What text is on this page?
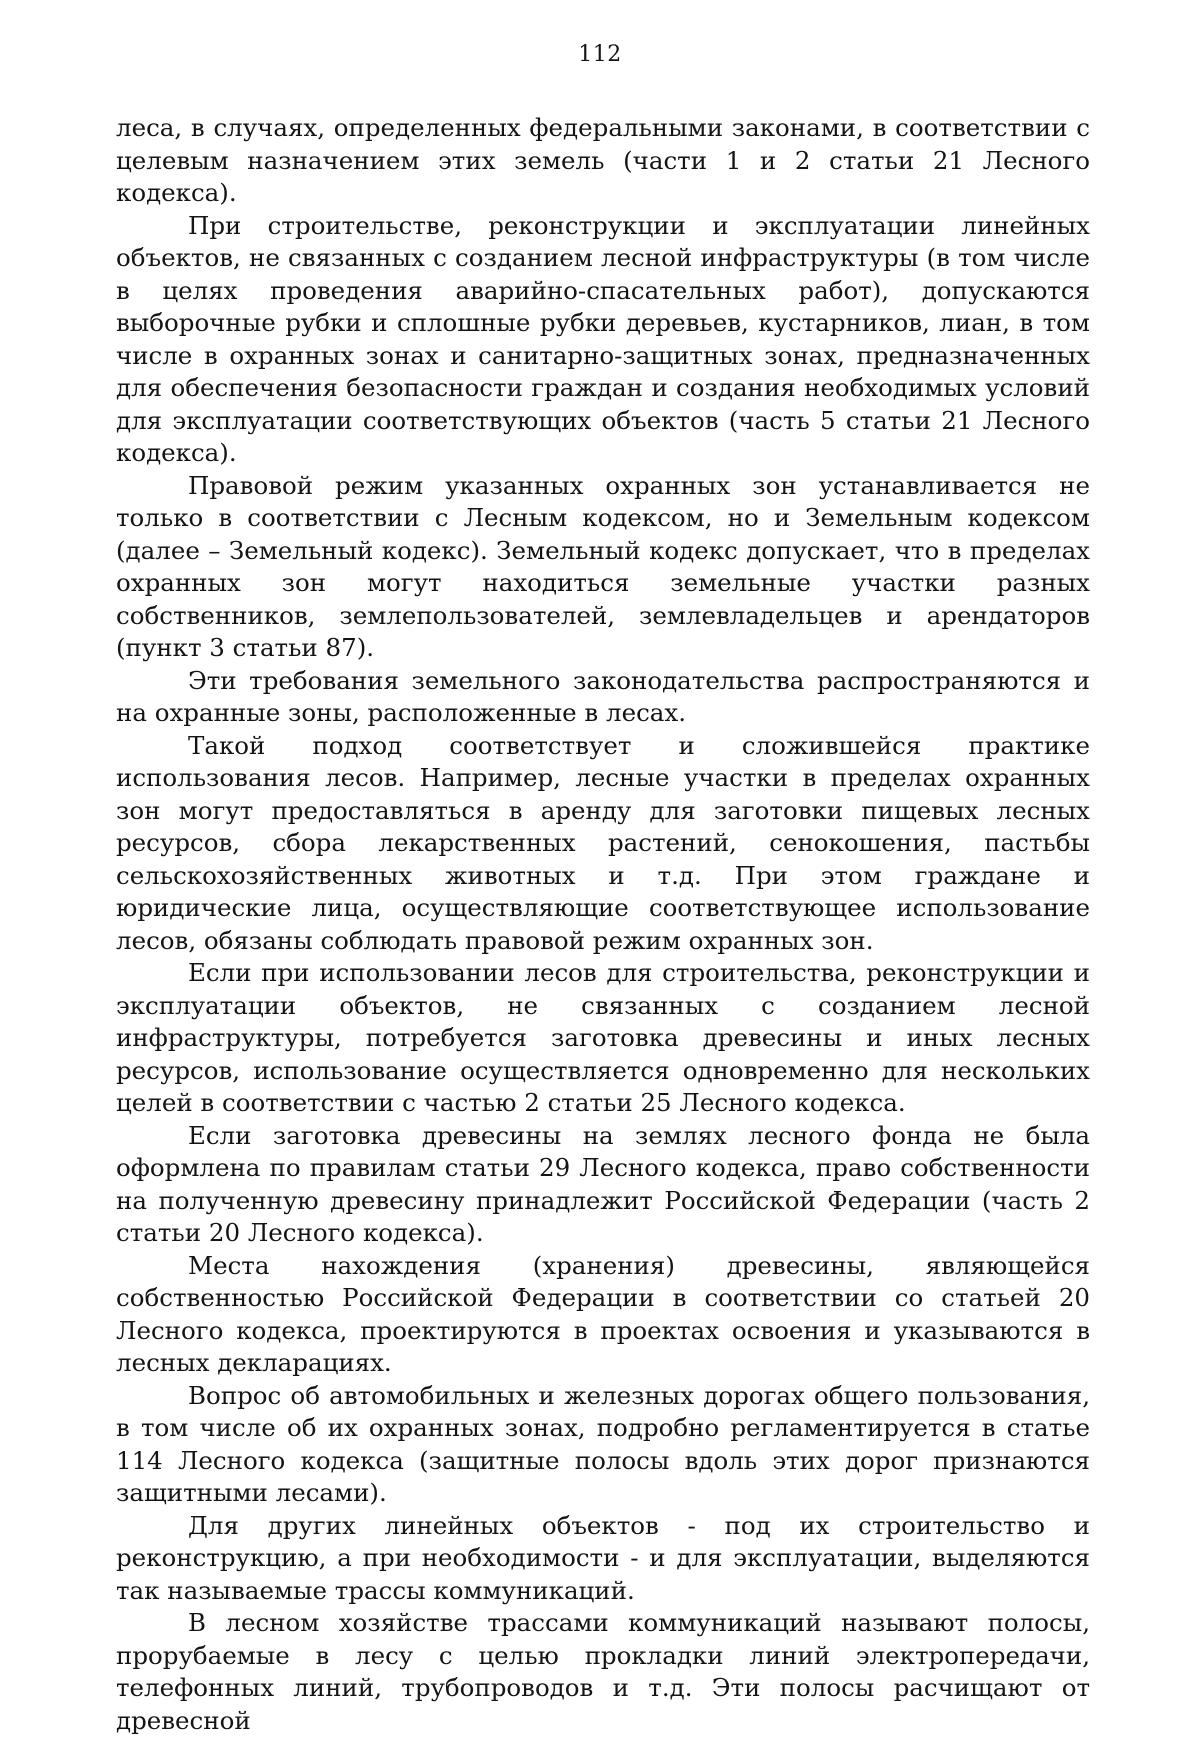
112

леса, в случаях, определенных федеральными законами, в соответствии с целевым назначением этих земель (части 1 и 2 статьи 21 Лесного кодекса).

При строительстве, реконструкции и эксплуатации линейных объектов, не связанных с созданием лесной инфраструктуры (в том числе в целях проведения аварийно-спасательных работ), допускаются выборочные рубки и сплошные рубки деревьев, кустарников, лиан, в том числе в охранных зонах и санитарно-защитных зонах, предназначенных для обеспечения безопасности граждан и создания необходимых условий для эксплуатации соответствующих объектов (часть 5 статьи 21 Лесного кодекса).

Правовой режим указанных охранных зон устанавливается не только в соответствии с Лесным кодексом, но и Земельным кодексом (далее – Земельный кодекс). Земельный кодекс допускает, что в пределах охранных зон могут находиться земельные участки разных собственников, землепользователей, землевладельцев и арендаторов (пункт 3 статьи 87).

Эти требования земельного законодательства распространяются и на охранные зоны, расположенные в лесах.

Такой подход соответствует и сложившейся практике использования лесов. Например, лесные участки в пределах охранных зон могут предоставляться в аренду для заготовки пищевых лесных ресурсов, сбора лекарственных растений, сенокошения, пастьбы сельскохозяйственных животных и т.д. При этом граждане и юридические лица, осуществляющие соответствующее использование лесов, обязаны соблюдать правовой режим охранных зон.

Если при использовании лесов для строительства, реконструкции и эксплуатации объектов, не связанных с созданием лесной инфраструктуры, потребуется заготовка древесины и иных лесных ресурсов, использование осуществляется одновременно для нескольких целей в соответствии с частью 2 статьи 25 Лесного кодекса.

Если заготовка древесины на землях лесного фонда не была оформлена по правилам статьи 29 Лесного кодекса, право собственности на полученную древесину принадлежит Российской Федерации (часть 2 статьи 20 Лесного кодекса).

Места нахождения (хранения) древесины, являющейся собственностью Российской Федерации в соответствии со статьей 20 Лесного кодекса, проектируются в проектах освоения и указываются в лесных декларациях.

Вопрос об автомобильных и железных дорогах общего пользования, в том числе об их охранных зонах, подробно регламентируется в статье 114 Лесного кодекса (защитные полосы вдоль этих дорог признаются защитными лесами).

Для других линейных объектов - под их строительство и реконструкцию, а при необходимости - и для эксплуатации, выделяются так называемые трассы коммуникаций.

В лесном хозяйстве трассами коммуникаций называют полосы, прорубаемые в лесу с целью прокладки линий электропередачи, телефонных линий, трубопроводов и т.д. Эти полосы расчищают от древесной
